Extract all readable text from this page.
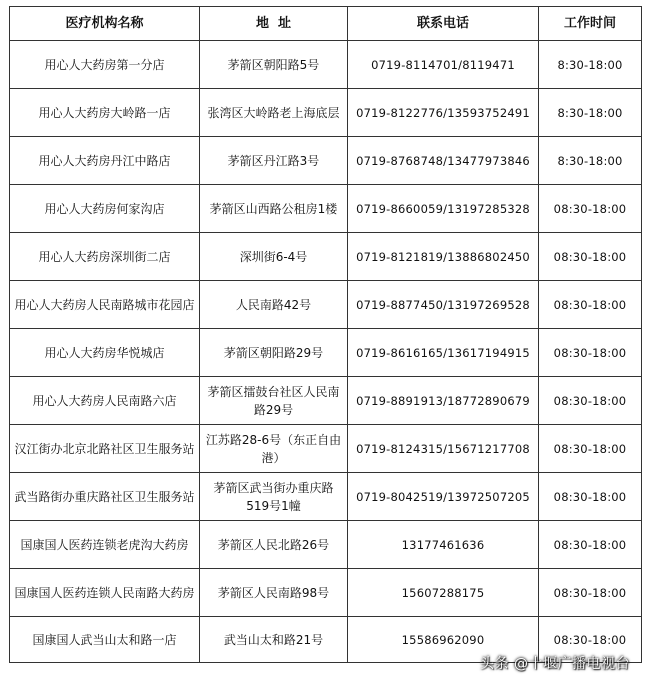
医疗机构名称	地  址	联系电话	工作时间
用心人大药房第一分店	茅箭区朝阳路5号	0719-8114701/8119471	8:30-18:00
用心人大药房大岭路一店	张湾区大岭路老上海底层	0719-8122776/13593752491	8:30-18:00
用心人大药房丹江中路店	茅箭区丹江路3号	0719-8768748/13477973846	8:30-18:00
用心人大药房何家沟店	茅箭区山西路公租房1楼	0719-8660059/13197285328	08:30-18:00
用心人大药房深圳街二店	深圳街6-4号	0719-8121819/13886802450	08:30-18:00
用心人大药房人民南路城市花园店	人民南路42号	0719-8877450/13197269528	08:30-18:00
用心人大药房华悦城店	茅箭区朝阳路29号	0719-8616165/13617194915	08:30-18:00
用心人大药房人民南路六店	茅箭区擂鼓台社区人民南路29号	0719-8891913/18772890679	08:30-18:00
汉江街办北京北路社区卫生服务站	江苏路28-6号（东正自由港）	0719-8124315/15671217708	08:30-18:00
武当路街办重庆路社区卫生服务站	茅箭区武当街办重庆路519号1幢	0719-8042519/13972507205	08:30-18:00
国康国人医药连锁老虎沟大药房	茅箭区人民北路26号	13177461636	08:30-18:00
国康国人医药连锁人民南路大药房	茅箭区人民南路98号	15607288175	08:30-18:00
国康国人武当山太和路一店	武当山太和路21号	15586962090	08:30-18:00
头条 @十堰广播电视台
